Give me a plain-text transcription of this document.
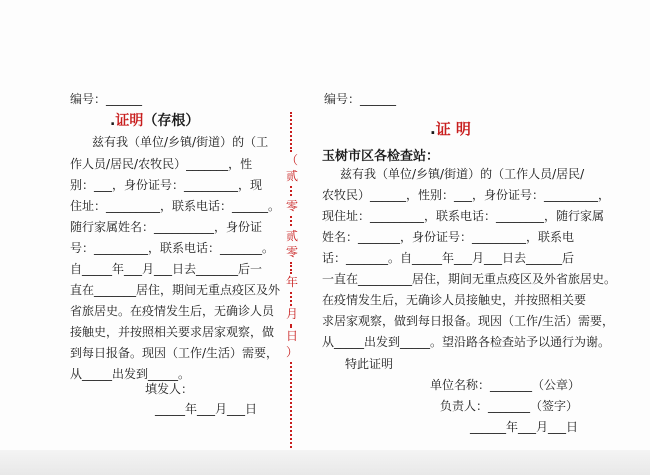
编号：______
.证明（存根）
兹有我（单位/乡镇/街道）的（工
作人员/居民/农牧民）_______，性
别：___，身份证号：_________，现
住址：_________，联系电话：______。
随行家属姓名：__________，身份证
号：_________，联系电话：_______。
自_____年___月___日去_______后一
直在_______居住，期间无重点疫区及外
省旅居史。在疫情发生后，无确诊人员
接触史，并按照相关要求居家观察，做
到每日报备。现因（工作/生活）需要，
从_____出发到_____。
填发人：
_____年___月___日
（
贰
零
贰
零
年
月
日
）
编号：______
.证 明
玉树市区各检查站：
兹有我（单位/乡镇/街道）的（工作人员/居民/
农牧民）______，性别：___，身份证号：_________，
现住址：_________，联系电话：________，随行家属
姓名：_______，身份证号：_________，联系电
话：_______。自_____年___月___日去______后
一直在_________居住，期间无重点疫区及外省旅居史。
在疫情发生后，无确诊人员接触史，并按照相关要
求居家观察，做到每日报备。现因（工作/生活）需要，
从_____出发到_____。望沿路各检查站予以通行为谢。
特此证明
单位名称：_______（公章）
负责人：_______（签字）
______年___月___日
